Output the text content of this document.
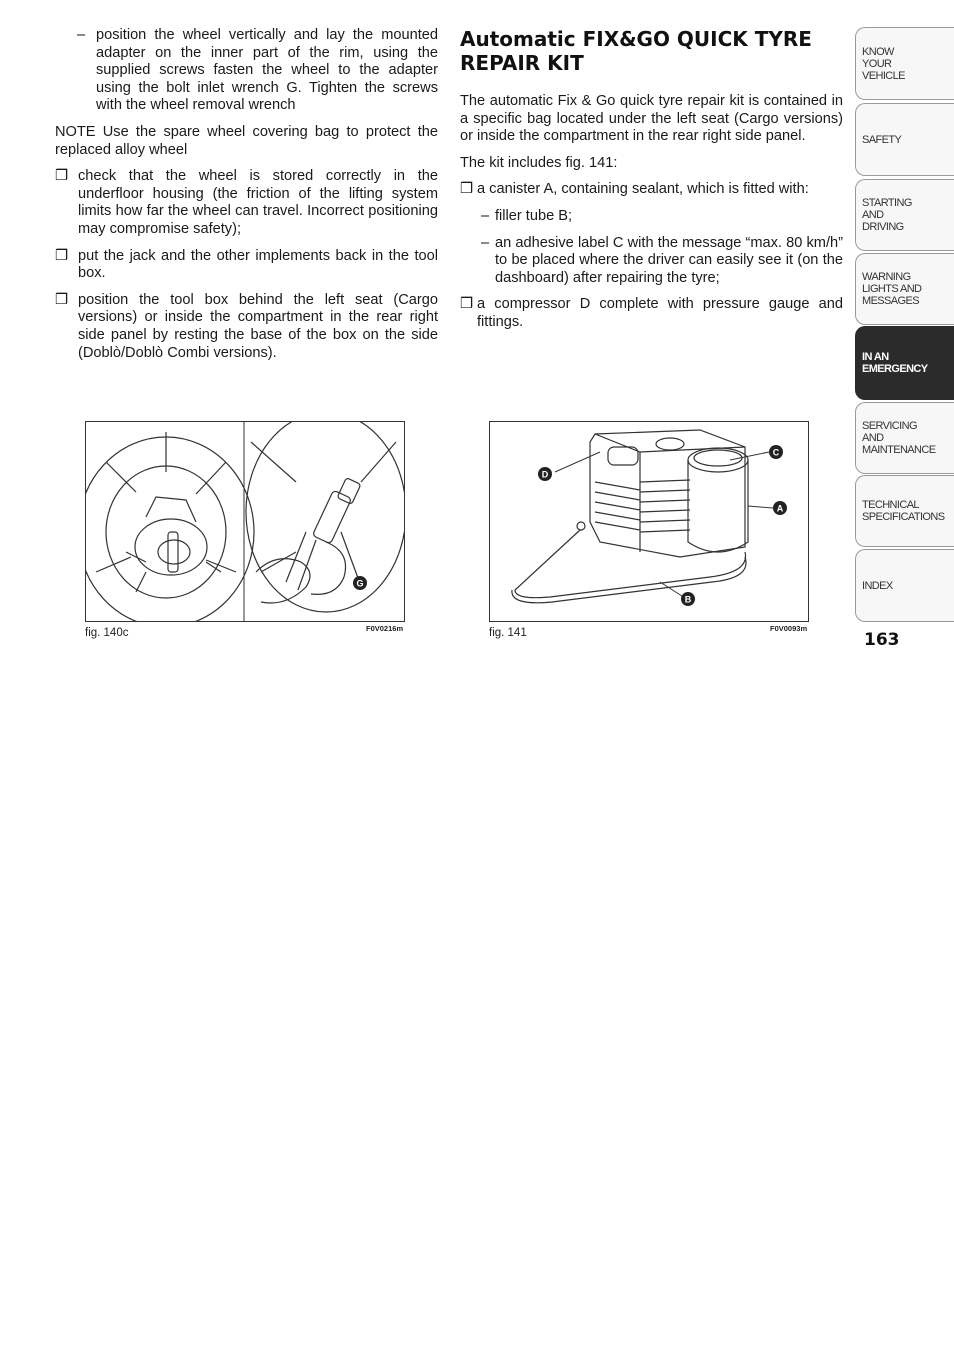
– position the wheel vertically and lay the mounted adapter on the inner part of the rim, using the supplied screws fasten the wheel to the adapter using the bolt inlet wrench G. Tighten the screws with the wheel removal wrench

NOTE Use the spare wheel covering bag to protect the replaced alloy wheel

❒ check that the wheel is stored correctly in the underfloor housing (the friction of the lifting system limits how far the wheel can travel. Incorrect positioning may compromise safety);
❒ put the jack and the other implements back in the tool box.
❒ position the tool box behind the left seat (Cargo versions) or inside the compartment in the rear right side panel by resting the base of the box on the side (Doblò/Doblò Combi versions).
Automatic FIX&GO QUICK TYRE REPAIR KIT

The automatic Fix & Go quick tyre repair kit is contained in a specific bag located under the left seat (Cargo versions) or inside the compartment in the rear right side panel.

The kit includes fig. 141:

❒ a canister A, containing sealant, which is fitted with:
– filler tube B;
– an adhesive label C with the message “max. 80 km/h” to be placed where the driver can easily see it (on the dashboard) after repairing the tyre;
❒ a compressor D complete with pressure gauge and fittings.
G
fig. 140c	F0V0216m
D
C
A
B
fig. 141	F0V0093m
KNOW
YOUR
VEHICLE
SAFETY
STARTING
AND
DRIVING
WARNING
LIGHTS AND
MESSAGES
IN AN
EMERGENCY
SERVICING
AND
MAINTENANCE
TECHNICAL
SPECIFICATIONS
INDEX
163
